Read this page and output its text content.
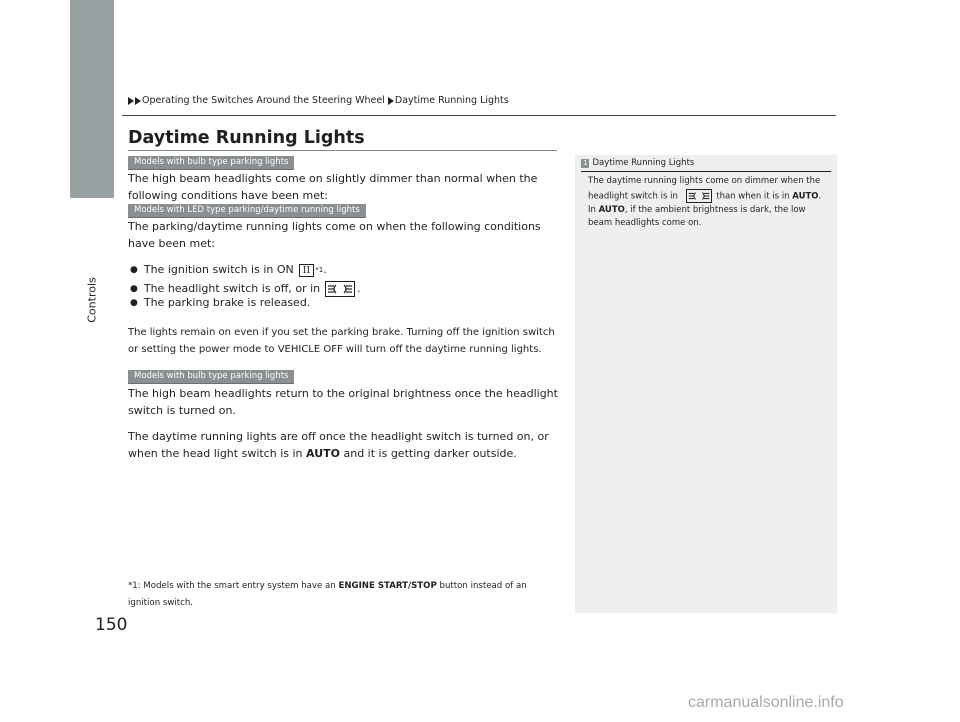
Controls
Operating the Switches Around the Steering Wheel Daytime Running Lights
Daytime Running Lights
Models with bulb type parking lights
The high beam headlights come on slightly dimmer than normal when the following conditions have been met:
Models with LED type parking/daytime running lights
The parking/daytime running lights come on when the following conditions have been met:
● The ignition switch is in ON II *1 .
● The headlight switch is off, or in	.
● The parking brake is released.
The lights remain on even if you set the parking brake. Turning off the ignition switch or setting the power mode to VEHICLE OFF will turn off the daytime running lights.
Models with bulb type parking lights
The high beam headlights return to the original brightness once the headlight switch is turned on.
The daytime running lights are off once the headlight switch is turned on, or when the head light switch is in AUTO and it is getting darker outside.
*1: Models with the smart entry system have an ENGINE START/STOP button instead of an ignition switch.
1 Daytime Running Lights
The daytime running lights come on dimmer when the headlight switch is in	than when it is in AUTO. In AUTO, if the ambient brightness is dark, the low beam headlights come on.
150
carmanualsonline.info
